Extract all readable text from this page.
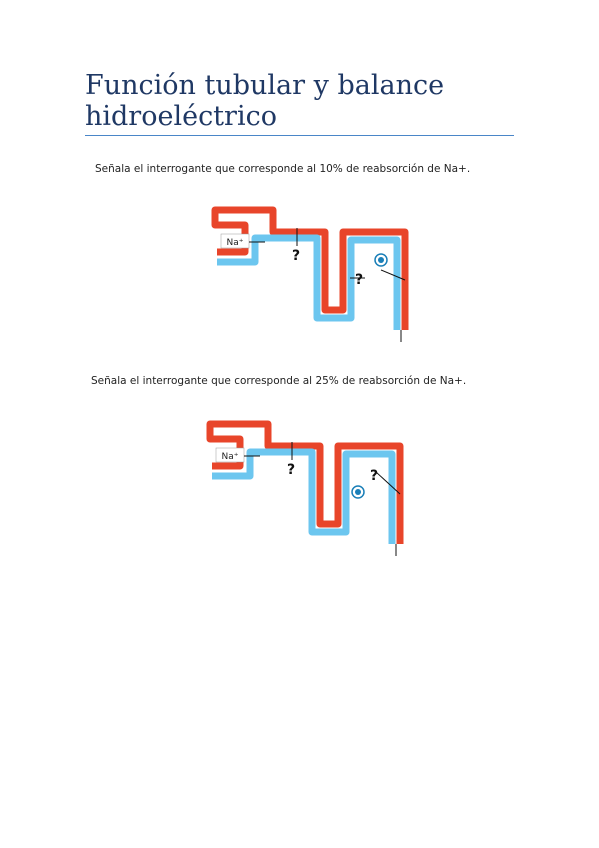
Función tubular y balance hidroeléctrico

Señala el interrogante que corresponde al 10% de reabsorción de Na+.

Na⁺
?
?

Señala el interrogante que corresponde al 25% de reabsorción de Na+.

Na⁺
?	?
